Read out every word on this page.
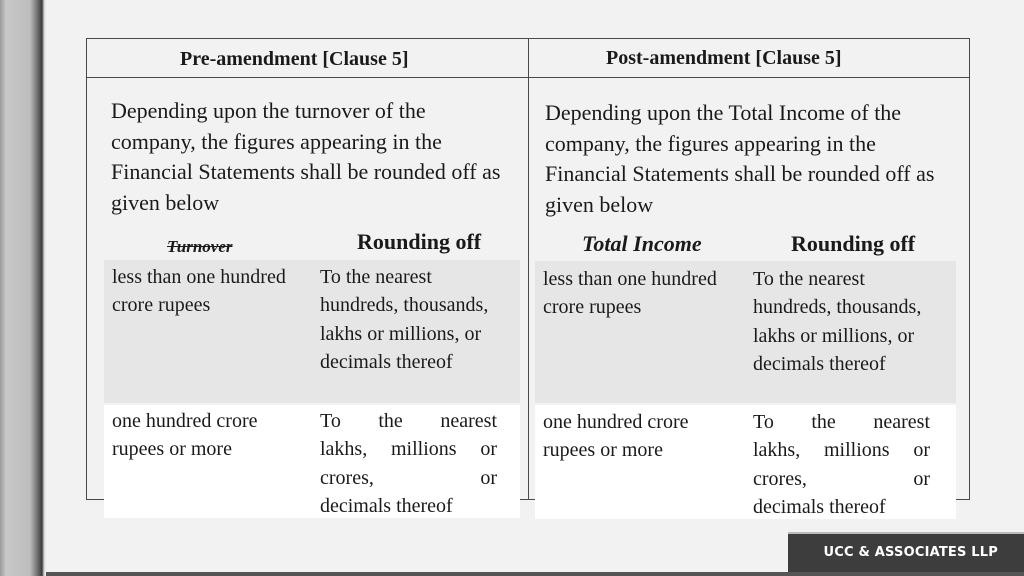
Pre-amendment [Clause 5]
Depending upon the turnover of the company, the figures appearing in the Financial Statements shall be rounded off as given below
Turnover	Rounding off
less than one hundred crore rupees
To the nearest hundreds, thousands, lakhs or millions, or decimals thereof
one hundred crore rupees or more
To the nearest
lakhs, millions or
crores, or
decimals thereof
Post-amendment [Clause 5]
Depending upon the Total Income of the company, the figures appearing in the Financial Statements shall be rounded off as given below
Total Income	Rounding off
less than one hundred crore rupees
To the nearest hundreds, thousands, lakhs or millions, or decimals thereof
one hundred crore rupees or more
To the nearest
lakhs, millions or
crores, or
decimals thereof
UCC & ASSOCIATES LLP
